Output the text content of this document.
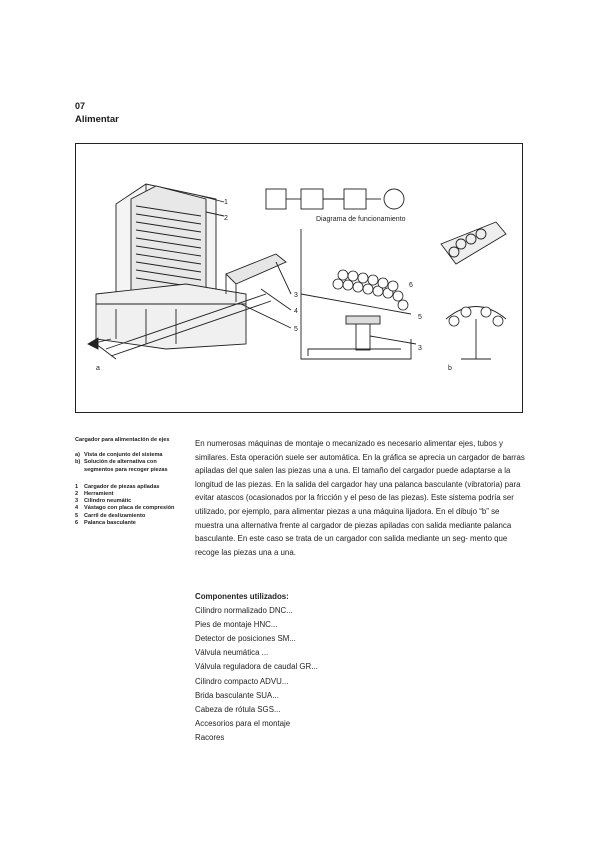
07
Alimentar
1
2
3
4
5
6
5
3
Diagrama de funcionamiento
a	b
Cargador para alimentación de ejes
a) Vista de conjunto del sistema
b) Solución de alternativa con segmentos para recoger piezas
1	Cargador de piezas apiladas
2	Herramient
3	Cilindro neumátic
4	Vástago con placa de compresión
5	Carril de deslizamiento
6	Palanca basculante

En numerosas máquinas de montaje o mecanizado es necesario alimentar ejes, tubos y similares. Esta operación suele ser automática. En la gráfica se aprecia un cargador de barras apiladas del que salen las piezas una a una. El tamaño del cargador puede adaptarse a la longitud de las piezas. En la salida del cargador hay una palanca basculante (vibratoria) para evitar atascos (ocasionados por la fricción y el peso de las piezas). Este sistema podría ser utilizado, por ejemplo, para alimentar piezas a una máquina lijadora. En el dibujo “b” se muestra una alternativa frente al cargador de piezas apiladas con salida mediante palanca basculante. En este caso se trata de un cargador con salida mediante un seg- mento que recoge las piezas una a una.

Componentes utilizados:
Cilindro normalizado DNC...
Pies de montaje HNC...
Detector de posiciones SM...
Válvula neumática ...
Válvula reguladora de caudal GR...
Cilindro compacto ADVU...
Brida basculante SUA...
Cabeza de rótula SGS...
Accesorios para el montaje
Racores
